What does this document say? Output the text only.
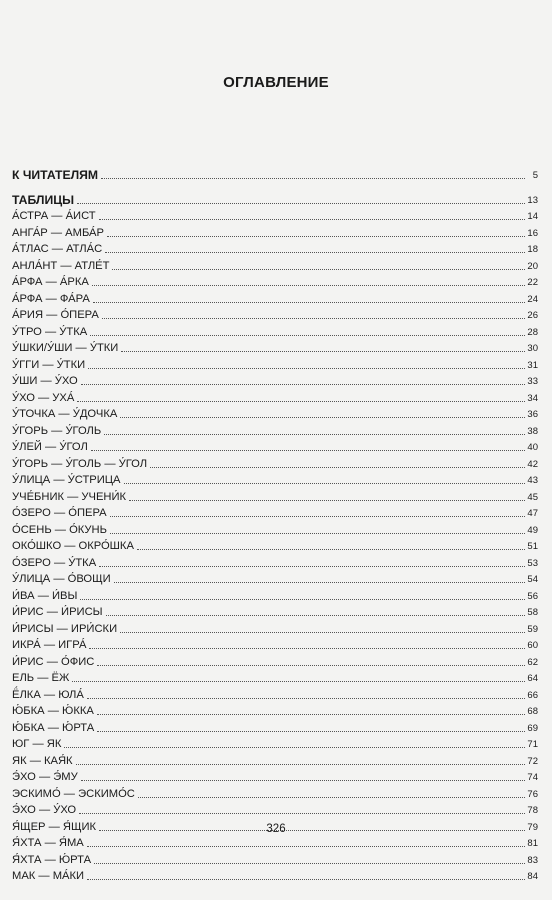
ОГЛАВЛЕНИЕ
К ЧИТАТЕЛЯМ	5
ТАБЛИЦЫ	13
А́СТРА — А́ИСТ	14
АНГА́Р — АМБА́Р	16
А́ТЛАС — АТЛА́С	18
АНЛА́НТ — АТЛЕ́Т	20
А́РФА — А́РКА	22
А́РФА — ФА́РА	24
А́РИЯ — О́ПЕРА	26
У́ТРО — У́ТКА	28
У́ШКИ/У́ШИ — У́ТКИ	30
У́ГГИ — У́ТКИ	31
У́ШИ — У́ХО	33
У́ХО — УХА́	34
У́ТОЧКА — У́ДОЧКА	36
У́ГОРЬ — У́ГОЛЬ	38
У́ЛЕЙ — У́ГОЛ	40
У́ГОРЬ — У́ГОЛЬ — У́ГОЛ	42
У́ЛИЦА — У́СТРИЦА	43
УЧЕ́БНИК — УЧЕНИ́К	45
О́ЗЕРО — О́ПЕРА	47
О́СЕНЬ — О́КУНЬ	49
ОКО́ШКО — ОКРО́ШКА	51
О́ЗЕРО — У́ТКА	53
У́ЛИЦА — О́ВОЩИ	54
И́ВА — И́ВЫ	56
И́РИС — И́РИСЫ	58
И́РИСЫ — ИРИ́СКИ	59
ИКРА́ — ИГРА́	60
И́РИС — О́ФИС	62
ЕЛЬ — ЁЖ	64
Ё́ЛКА — ЮЛА́	66
Ю́БКА — Ю́ККА	68
Ю́БКА — Ю́РТА	69
ЮГ — ЯК	71
ЯК — КАЯ́К	72
Э́ХО — Э́МУ	74
ЭСКИМО́ — ЭСКИМО́С	76
Э́ХО — У́ХО	78
Я́ЩЕР — Я́ЩИК	79
Я́ХТА — Я́МА	81
Я́ХТА — Ю́РТА	83
МАК — МА́КИ	84
326
